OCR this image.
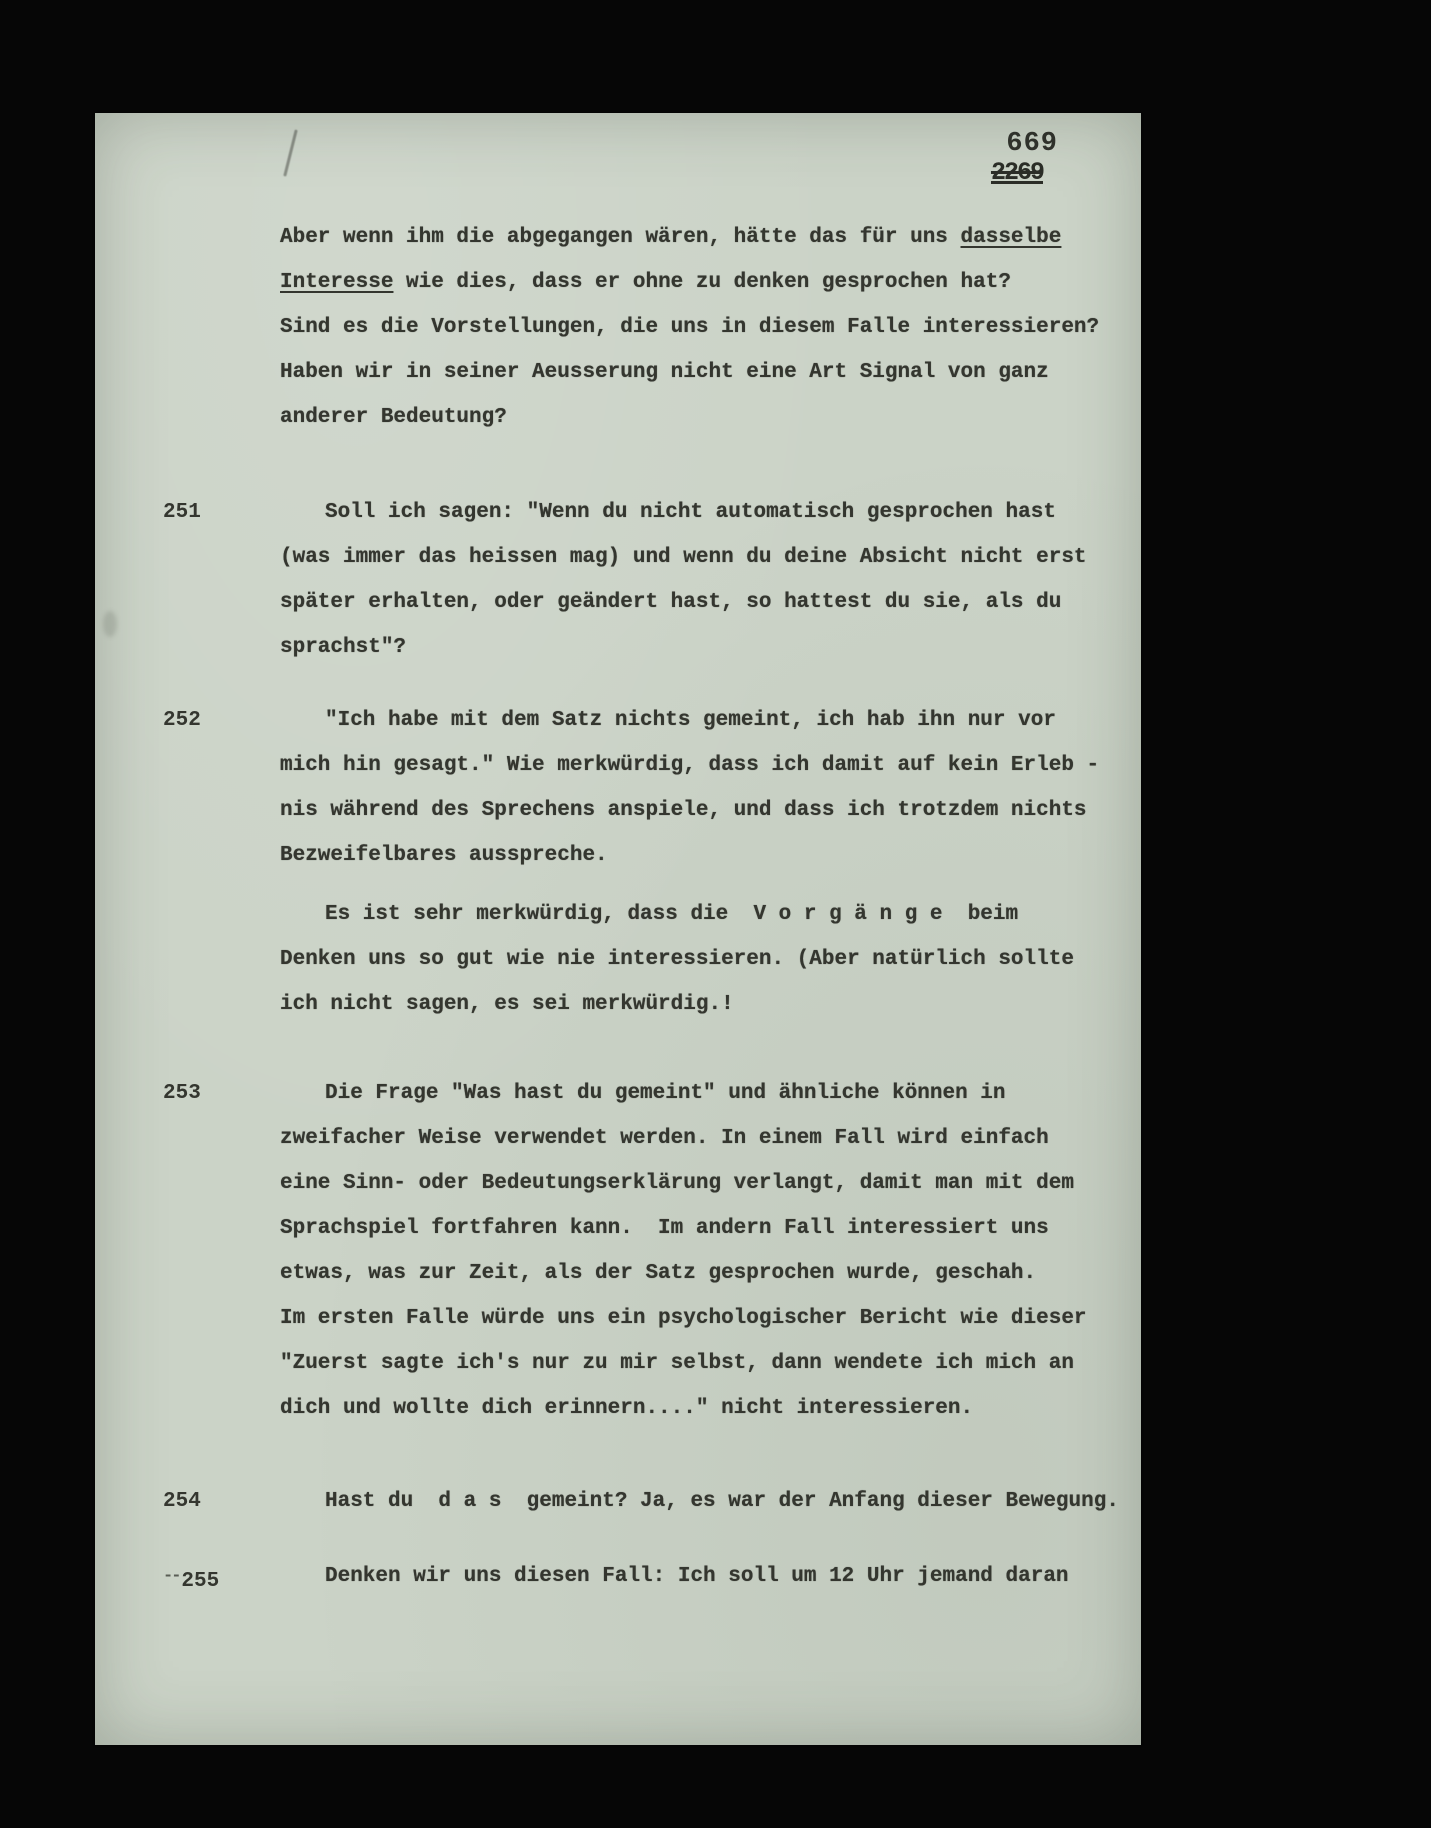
669
2269
Aber wenn ihm die abgegangen wären, hätte das für uns dasselbe
Interesse wie dies, dass er ohne zu denken gesprochen hat?
Sind es die Vorstellungen, die uns in diesem Falle interessieren?
Haben wir in seiner Aeusserung nicht eine Art Signal von ganz
anderer Bedeutung?
251	Soll ich sagen: "Wenn du nicht automatisch gesprochen hast
(was immer das heissen mag) und wenn du deine Absicht nicht erst
später erhalten, oder geändert hast, so hattest du sie, als du
sprachst"?
252	"Ich habe mit dem Satz nichts gemeint, ich hab ihn nur vor
mich hin gesagt." Wie merkwürdig, dass ich damit auf kein Erleb -
nis während des Sprechens anspiele, und dass ich trotzdem nichts
Bezweifelbares ausspreche.
Es ist sehr merkwürdig, dass die  V o r g ä n g e  beim
Denken uns so gut wie nie interessieren. (Aber natürlich sollte
ich nicht sagen, es sei merkwürdig.!
253	Die Frage "Was hast du gemeint" und ähnliche können in
zweifacher Weise verwendet werden. In einem Fall wird einfach
eine Sinn- oder Bedeutungserklärung verlangt, damit man mit dem
Sprachspiel fortfahren kann.  Im andern Fall interessiert uns
etwas, was zur Zeit, als der Satz gesprochen wurde, geschah.
Im ersten Falle würde uns ein psychologischer Bericht wie dieser
"Zuerst sagte ich's nur zu mir selbst, dann wendete ich mich an
dich und wollte dich erinnern...." nicht interessieren.
254	Hast du  d a s  gemeint? Ja, es war der Anfang dieser Bewegung.
--255	Denken wir uns diesen Fall: Ich soll um 12 Uhr jemand daran
